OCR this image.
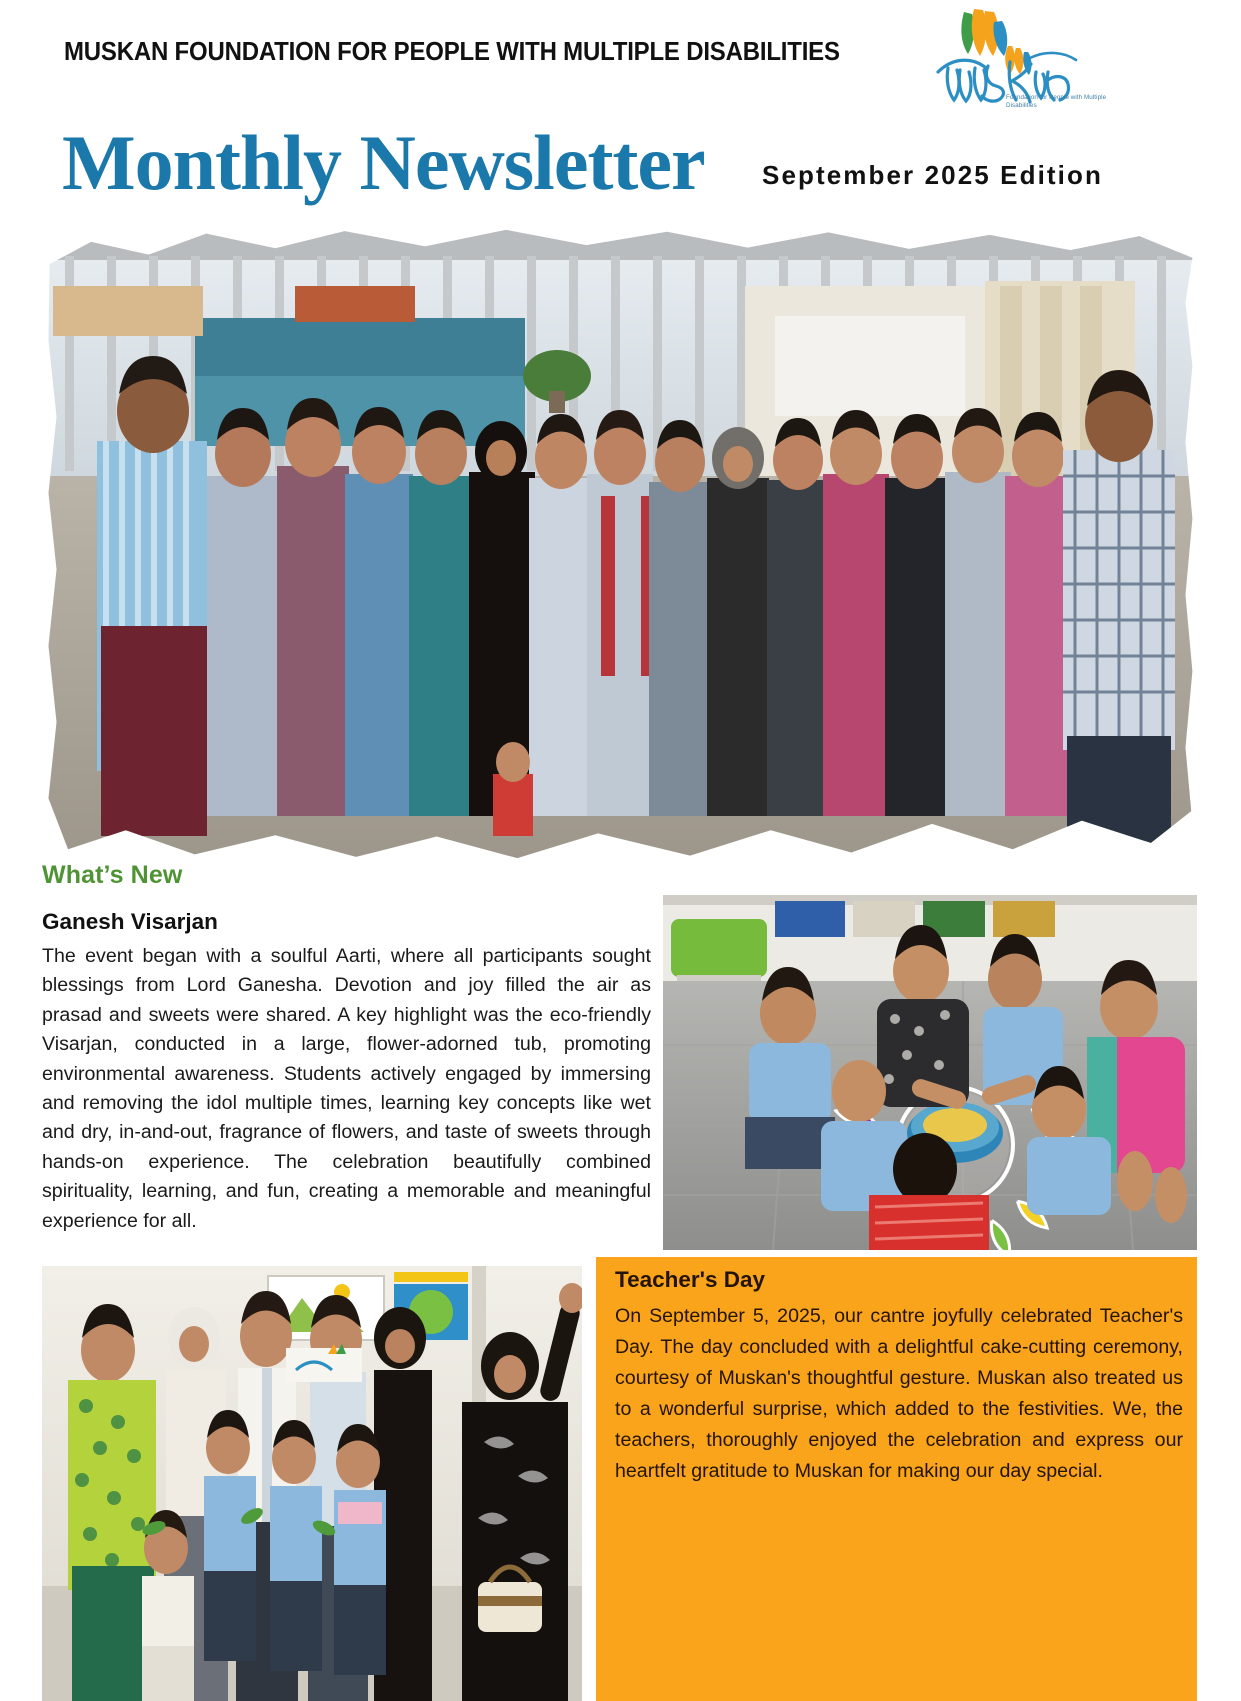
MUSKAN FOUNDATION FOR PEOPLE WITH MULTIPLE DISABILITIES
Foundation for People with Multiple Disabilities
Monthly Newsletter September 2025 Edition
What’s New
Ganesh Visarjan
The event began with a soulful Aarti, where all participants sought blessings from Lord Ganesha. Devotion and joy filled the air as prasad and sweets were shared. A key highlight was the eco-friendly Visarjan, conducted in a large, flower-adorned tub, promoting environmental awareness. Students actively engaged by immersing and removing the idol multiple times, learning key concepts like wet and dry, in-and-out, fragrance of flowers, and taste of sweets through hands-on experience. The celebration beautifully combined spirituality, learning, and fun, creating a memorable and meaningful experience for all.
Teacher's Day
On September 5, 2025, our cantre joyfully celebrated Teacher's Day. The day concluded with a delightful cake-cutting ceremony, courtesy of Muskan's thoughtful gesture. Muskan also treated us to a wonderful surprise, which added to the festivities. We, the teachers, thoroughly enjoyed the celebration and express our heartfelt gratitude to Muskan for making our day special.
